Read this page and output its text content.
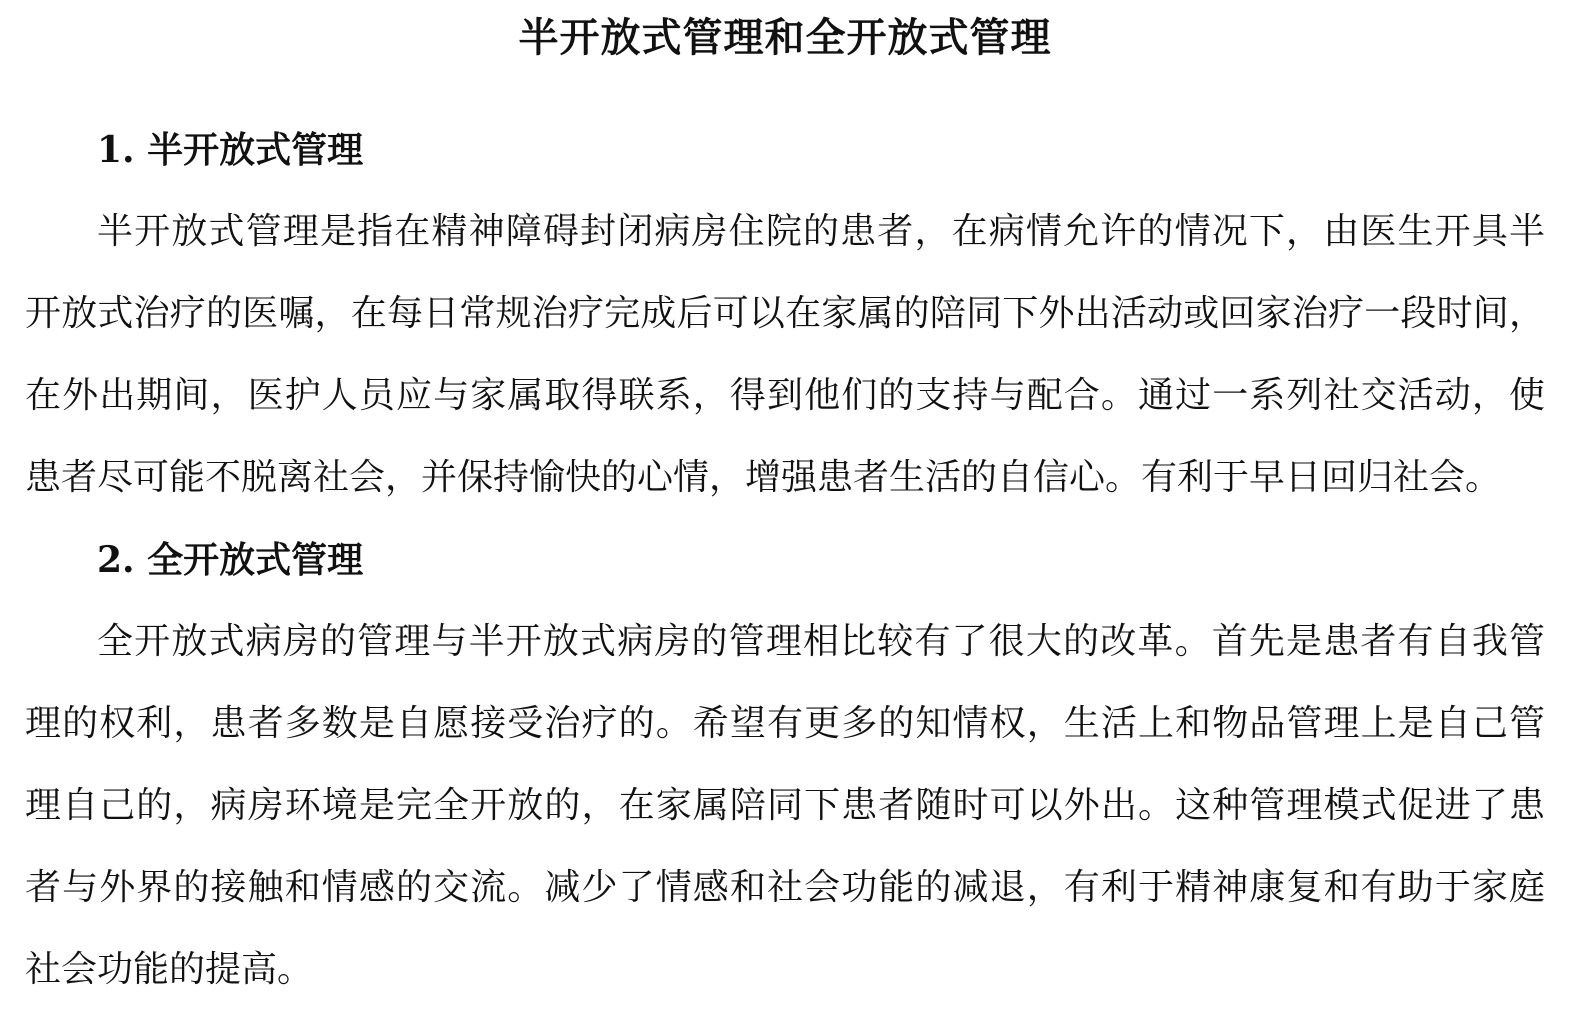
半开放式管理和全开放式管理
1. 半开放式管理
半开放式管理是指在精神障碍封闭病房住院的患者，在病情允许的情况下，由医生开具半
开放式治疗的医嘱，在每日常规治疗完成后可以在家属的陪同下外出活动或回家治疗一段时间，
在外出期间，医护人员应与家属取得联系，得到他们的支持与配合。通过一系列社交活动，使
患者尽可能不脱离社会，并保持愉快的心情，增强患者生活的自信心。有利于早日回归社会。
2. 全开放式管理
全开放式病房的管理与半开放式病房的管理相比较有了很大的改革。首先是患者有自我管
理的权利，患者多数是自愿接受治疗的。希望有更多的知情权，生活上和物品管理上是自己管
理自己的，病房环境是完全开放的，在家属陪同下患者随时可以外出。这种管理模式促进了患
者与外界的接触和情感的交流。减少了情感和社会功能的减退，有利于精神康复和有助于家庭
社会功能的提高。
